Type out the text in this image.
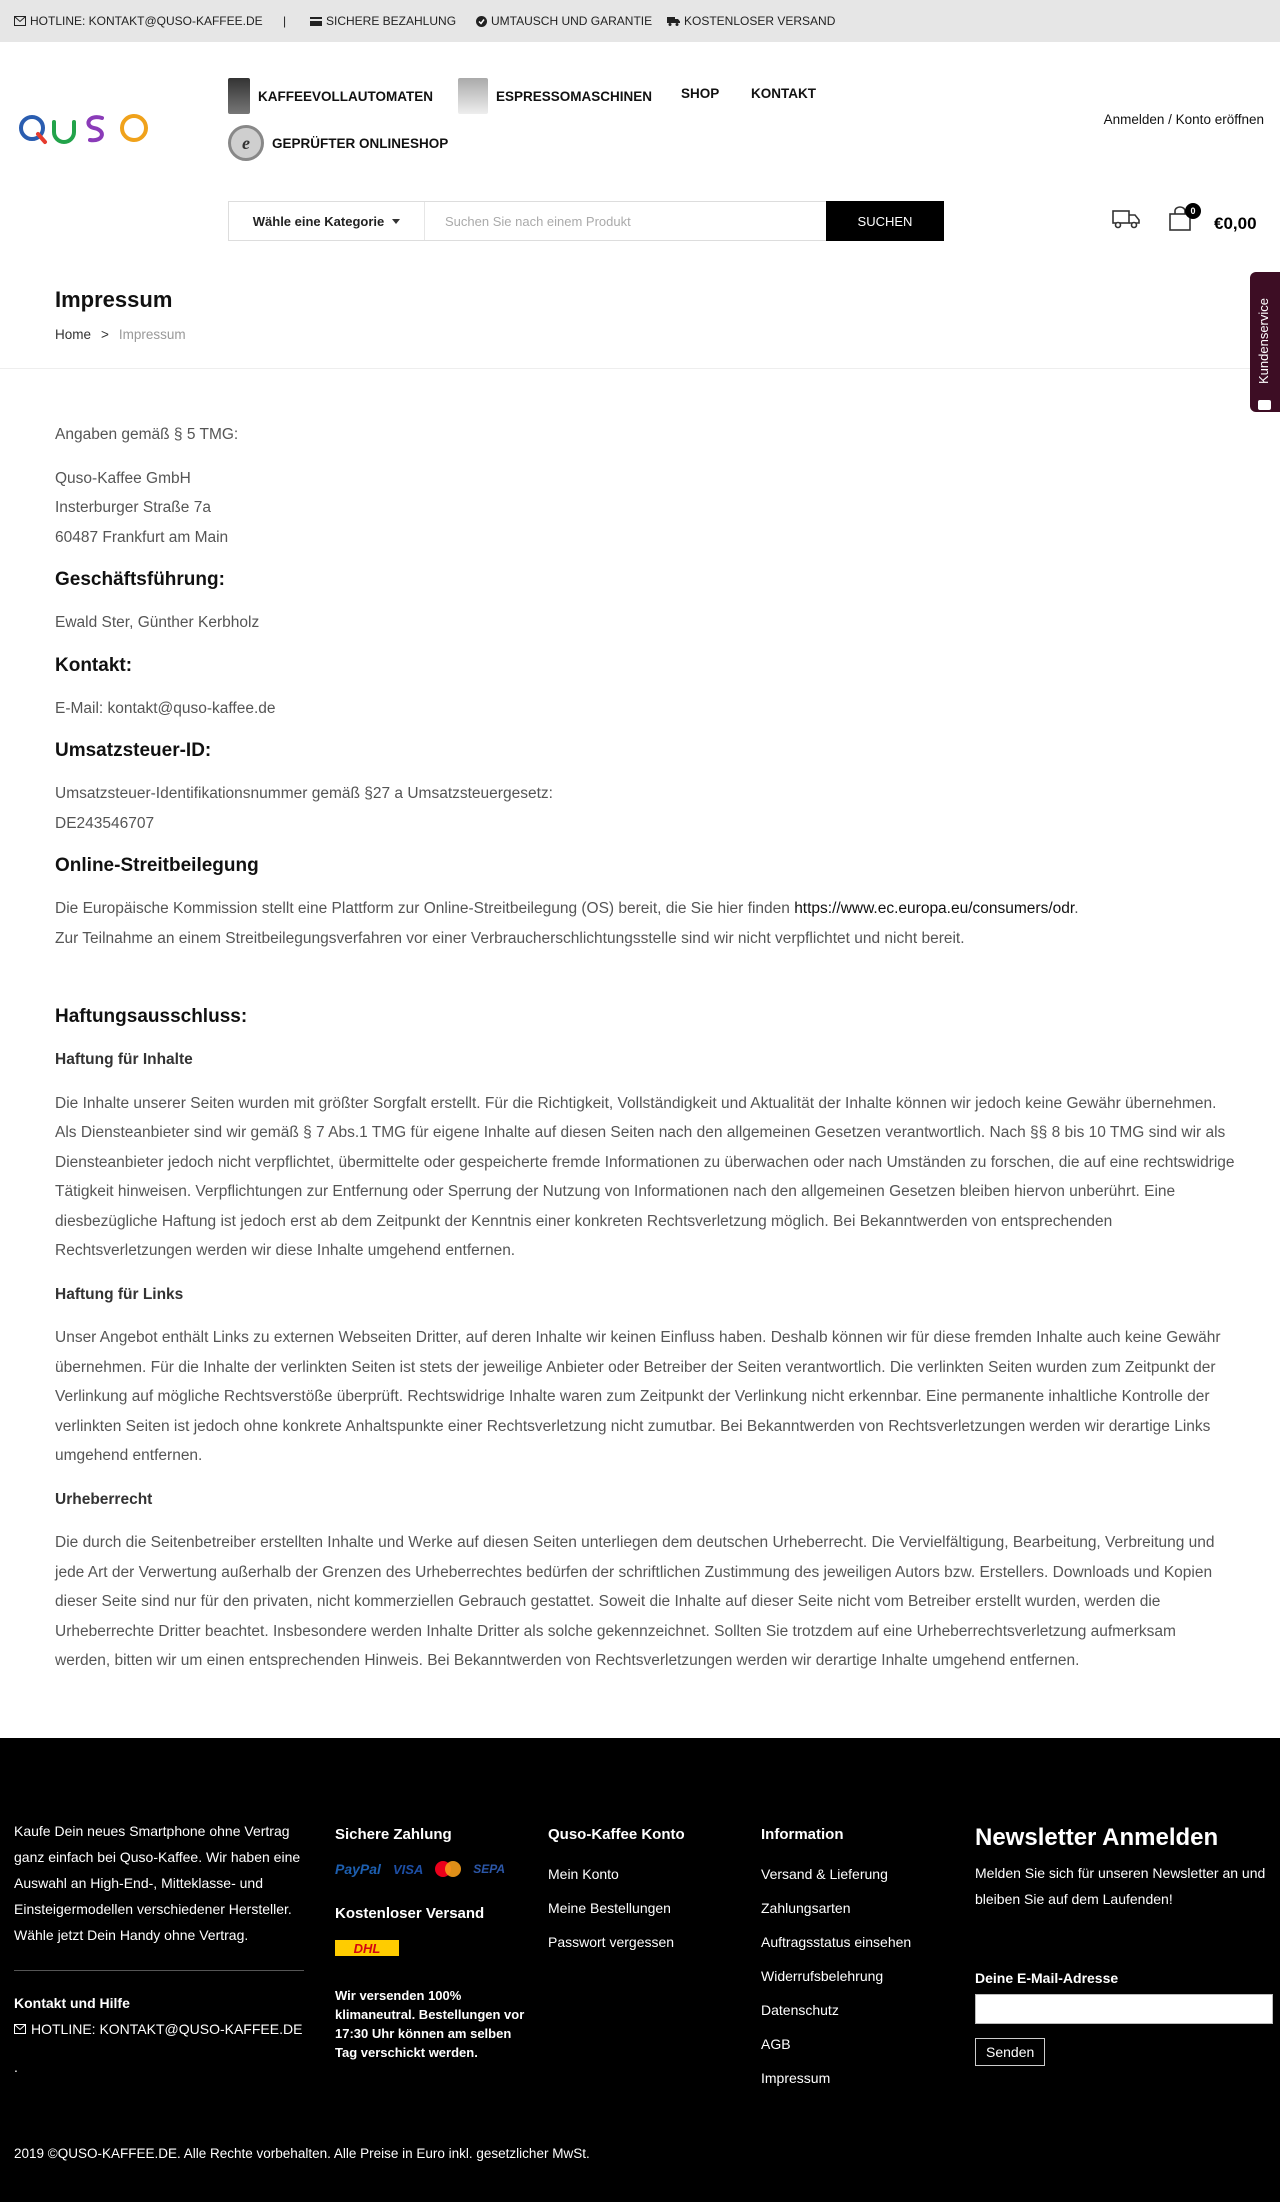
HOTLINE: KONTAKT@QUSO-KAFFEE.DE |	SICHERE BEZAHLUNG	UMTAUSCH UND GARANTIE	KOSTENLOSER VERSAND
KAFFEEVOLLAUTOMATEN	ESPRESSOMASCHINEN SHOP KONTAKT
e	GEPRÜFTER ONLINESHOP
Anmelden / Konto eröffnen
Wähle eine Kategorie
Suchen Sie nach einem Produkt	SUCHEN
0
€0,00
Kundenservice
Impressum
Home > Impressum

Angaben gemäß § 5 TMG:

Quso-Kaffee GmbH

Insterburger Straße 7a

60487 Frankfurt am Main

Geschäftsführung:

Ewald Ster, Günther Kerbholz

Kontakt:

E-Mail: kontakt@quso-kaffee.de

Umsatzsteuer-ID:

Umsatzsteuer-Identifikationsnummer gemäß §27 a Umsatzsteuergesetz:

DE243546707

Online-Streitbeilegung

Die Europäische Kommission stellt eine Plattform zur Online-Streitbeilegung (OS) bereit, die Sie hier finden https://www.ec.europa.eu/consumers/odr.

Zur Teilnahme an einem Streitbeilegungsverfahren vor einer Verbraucherschlichtungsstelle sind wir nicht verpflichtet und nicht bereit.

Haftungsausschluss:
Haftung für Inhalte

Die Inhalte unserer Seiten wurden mit größter Sorgfalt erstellt. Für die Richtigkeit, Vollständigkeit und Aktualität der Inhalte können wir jedoch keine Gewähr übernehmen. Als Diensteanbieter sind wir gemäß § 7 Abs.1 TMG für eigene Inhalte auf diesen Seiten nach den allgemeinen Gesetzen verantwortlich. Nach §§ 8 bis 10 TMG sind wir als Diensteanbieter jedoch nicht verpflichtet, übermittelte oder gespeicherte fremde Informationen zu überwachen oder nach Umständen zu forschen, die auf eine rechtswidrige Tätigkeit hinweisen. Verpflichtungen zur Entfernung oder Sperrung der Nutzung von Informationen nach den allgemeinen Gesetzen bleiben hiervon unberührt. Eine diesbezügliche Haftung ist jedoch erst ab dem Zeitpunkt der Kenntnis einer konkreten Rechtsverletzung möglich. Bei Bekanntwerden von entsprechenden Rechtsverletzungen werden wir diese Inhalte umgehend entfernen.

Haftung für Links

Unser Angebot enthält Links zu externen Webseiten Dritter, auf deren Inhalte wir keinen Einfluss haben. Deshalb können wir für diese fremden Inhalte auch keine Gewähr übernehmen. Für die Inhalte der verlinkten Seiten ist stets der jeweilige Anbieter oder Betreiber der Seiten verantwortlich. Die verlinkten Seiten wurden zum Zeitpunkt der Verlinkung auf mögliche Rechtsverstöße überprüft. Rechtswidrige Inhalte waren zum Zeitpunkt der Verlinkung nicht erkennbar. Eine permanente inhaltliche Kontrolle der verlinkten Seiten ist jedoch ohne konkrete Anhaltspunkte einer Rechtsverletzung nicht zumutbar. Bei Bekanntwerden von Rechtsverletzungen werden wir derartige Links umgehend entfernen.

Urheberrecht

Die durch die Seitenbetreiber erstellten Inhalte und Werke auf diesen Seiten unterliegen dem deutschen Urheberrecht. Die Vervielfältigung, Bearbeitung, Verbreitung und jede Art der Verwertung außerhalb der Grenzen des Urheberrechtes bedürfen der schriftlichen Zustimmung des jeweiligen Autors bzw. Erstellers. Downloads und Kopien dieser Seite sind nur für den privaten, nicht kommerziellen Gebrauch gestattet. Soweit die Inhalte auf dieser Seite nicht vom Betreiber erstellt wurden, werden die Urheberrechte Dritter beachtet. Insbesondere werden Inhalte Dritter als solche gekennzeichnet. Sollten Sie trotzdem auf eine Urheberrechtsverletzung aufmerksam werden, bitten wir um einen entsprechenden Hinweis. Bei Bekanntwerden von Rechtsverletzungen werden wir derartige Inhalte umgehend entfernen.

Kaufe Dein neues Smartphone ohne Vertrag ganz einfach bei Quso-Kaffee. Wir haben eine Auswahl an High-End-, Mitteklasse- und Einsteigermodellen verschiedener Hersteller. Wähle jetzt Dein Handy ohne Vertrag.

Kontakt und Hilfe
HOTLINE: KONTAKT@QUSO-KAFFEE.DE
.
Sichere Zahlung
PayPal VISA	SEPA
Kostenloser Versand
DHL

Wir versenden 100% klimaneutral. Bestellungen vor 17:30 Uhr können am selben Tag verschickt werden.

Quso-Kaffee Konto
Mein Konto
Meine Bestellungen
Passwort vergessen
Information
Versand & Lieferung
Zahlungsarten
Auftragsstatus einsehen
Widerrufsbelehrung
Datenschutz
AGB
Impressum
Newsletter Anmelden

Melden Sie sich für unseren Newsletter an und bleiben Sie auf dem Laufenden!

Deine E-Mail-Adresse
Senden
2019 ©QUSO-KAFFEE.DE. Alle Rechte vorbehalten. Alle Preise in Euro inkl. gesetzlicher MwSt.
